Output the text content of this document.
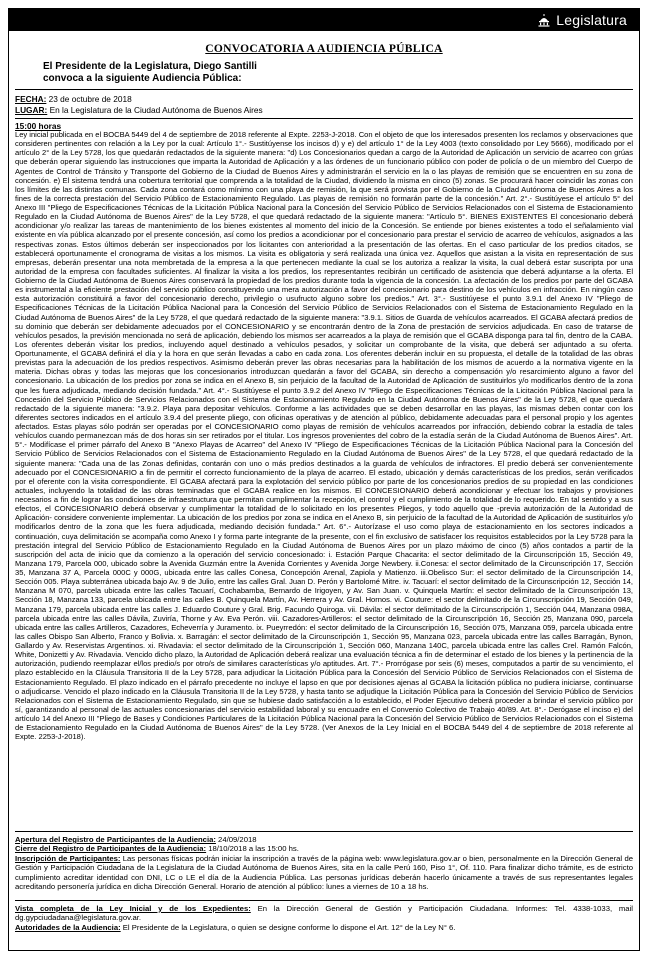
Legislatura
CONVOCATORIA A AUDIENCIA PÚBLICA
El Presidente de la Legislatura, Diego Santilli
convoca a la siguiente Audiencia Pública:
FECHA: 23 de octubre de 2018
LUGAR: En la Legislatura de la Ciudad Autónoma de Buenos Aires
15:00 horas
Ley inicial publicada en el BOCBA 5449 del 4 de septiembre de 2018 referente al Expte. 2253-J-2018. Con el objeto de que los interesados presenten los reclamos y observaciones que consideren pertinentes con relación a la Ley por la cual: Artículo 1°.- Sustitúyense los incisos d) y e) del artículo 1° de la Ley 4003 (texto consolidado por Ley 5666), modificado por el artículo 2° de la Ley 5728, los que quedarán redactados de la siguiente manera: "d) Los Concesionarios quedan a cargo de la Autoridad de Aplicación un servicio de acarreo con grúas que deberán operar siguiendo las instrucciones que imparta la Autoridad de Aplicación y a las órdenes de un funcionario público con poder de policía o de un miembro del Cuerpo de Agentes de Control de Tránsito y Transporte del Gobierno de la Ciudad de Buenos Aires y administrarán el servicio en la o las playas de remisión que se encuentren en su zona de concesión. e) El sistema tendrá una cobertura territorial que comprenda a la totalidad de la Ciudad, dividiendo la misma en cinco (5) zonas. Se procurará hacer coincidir las zonas con los límites de las distintas comunas. Cada zona contará como mínimo con una playa de remisión, la que será provista por el Gobierno de la Ciudad Autónoma de Buenos Aires a los fines de la correcta prestación del Servicio Público de Estacionamiento Regulado. Las playas de remisión no formarán parte de la concesión." Art. 2°.- Sustitúyese el artículo 5° del Anexo III "Pliego de Especificaciones Técnicas de la Licitación Pública Nacional para la Concesión del Servicio Público de Servicios Relacionados con el Sistema de Estacionamiento Regulado en la Ciudad Autónoma de Buenos Aires" de la Ley 5728, el que quedará redactado de la siguiente manera: "Artículo 5°. BIENES EXISTENTES El concesionario deberá acondicionar y/o realizar las tareas de mantenimiento de los bienes existentes al momento del inicio de la Concesión. Se entiende por bienes existentes a todo el señalamiento vial existente en vía pública alcanzado por el presente concesión, así como los predios a acondicionar por el concesionario para prestar el servicio de acarreo de vehículos, asignados a las respectivas zonas. Estos últimos deberán ser inspeccionados por los licitantes con anterioridad a la presentación de las ofertas. En el caso particular de los predios citados, se establecerá oportunamente el cronograma de visitas a los mismos. La visita es obligatoria y será realizada una única vez. Aquellos que asistan a la visita en representación de sus empresas, deberán presentar una nota membretada de la empresa a la que pertenecen mediante la cual se los autoriza a realizar la visita, la cual deberá estar suscripta por una autoridad de la empresa con facultades suficientes. Al finalizar la visita a los predios, los representantes recibirán un certificado de asistencia que deberá adjuntarse a la oferta. El Gobierno de la Ciudad Autónoma de Buenos Aires conservará la propiedad de los predios durante toda la vigencia de la concesión. La afectación de los predios por parte del GCABA es instrumental a la eficiente prestación del servicio público constituyendo una mera autorización a favor del concesionario para destino de los vehículos en infracción. En ningún caso esta autorización constituirá a favor del concesionario derecho, privilegio o usufructo alguno sobre los predios." Art. 3°.- Sustitúyese el punto 3.9.1 del Anexo IV "Pliego de Especificaciones Técnicas de la Licitación Pública Nacional para la Concesión del Servicio Público de Servicios Relacionados con el Sistema de Estacionamiento Regulado en la Ciudad Autónoma de Buenos Aires" de la Ley 5728, el que quedará redactado de la siguiente manera: "3.9.1. Sitios de Guarda de vehículos acarreados. El GCABA afectará predios de su dominio que deberán ser debidamente adecuados por el CONCESIONARIO y se encontrarán dentro de la Zona de prestación de servicios adjudicada. En caso de tratarse de vehículos pesados, la previsión mencionada no será de aplicación, debiendo los mismos ser acarreados a la playa de remisión que el GCABA disponga para tal fin, dentro de la CABA. Los oferentes deberán visitar los predios, incluyendo aquel destinado a vehículos pesados, y solicitar un comprobante de la visita, que deberá ser adjuntado a su oferta. Oportunamente, el GCABA definirá el día y la hora en que serán llevadas a cabo en cada zona. Los oferentes deberán incluir en su propuesta, el detalle de la totalidad de las obras previstas para la adecuación de los predios respectivos. Asimismo deberán prever las obras necesarias para la habilitación de los mismos de acuerdo a la normativa vigente en la materia. Dichas obras y todas las mejoras que los concesionarios introduzcan quedarán a favor del GCABA, sin derecho a compensación y/o resarcimiento alguno a favor del concesionario. La ubicación de los predios por zona se indica en el Anexo B, sin perjuicio de la facultad de la Autoridad de Aplicación de sustituirlos y/o modificarlos dentro de la zona que les fuera adjudicada, mediando decisión fundada." Art. 4°.- Sustitúyese el punto 3.9.2 del Anexo IV "Pliego de Especificaciones Técnicas de la Licitación Pública Nacional para la Concesión del Servicio Público de Servicios Relacionados con el Sistema de Estacionamiento Regulado en la Ciudad Autónoma de Buenos Aires" de la Ley 5728, el que quedará redactado de la siguiente manera: "3.9.2. Playa para depositar vehículos. Conforme a las actividades que se deben desarrollar en las playas, las mismas deben contar con los diferentes sectores indicados en el artículo 3.9.4 del presente pliego, con oficinas operativas y de atención al público, debidamente adecuadas para el personal propio y los agentes afectados. Estas playas sólo podrán ser operadas por el CONCESIONARIO como playas de remisión de vehículos acarreados por infracción, debiendo cobrar la estadía de tales vehículos cuando permanezcan más de dos horas sin ser retirados por el titular. Los ingresos provenientes del cobro de la estadía serán de la Ciudad Autónoma de Buenos Aires". Art. 5°.- Modifícase el primer párrafo del Anexo B "Anexo Playas de Acarreo" del Anexo IV "Pliego de Especificaciones Técnicas de la Licitación Pública Nacional para la Concesión del Servicio Público de Servicios Relacionados con el Sistema de Estacionamiento Regulado en la Ciudad Autónoma de Buenos Aires" de la Ley 5728, el que quedará redactado de la siguiente manera: "Cada una de las Zonas definidas, contarán con uno o más predios destinados a la guarda de vehículos de infractores. El predio deberá ser convenientemente adecuado por el CONCESIONARIO a fin de permitir el correcto funcionamiento de la playa de acarreo. El estado, ubicación y demás características de los predios, serán verificados por el oferente con la visita correspondiente. El GCABA afectará para la explotación del servicio público por parte de los concesionarios predios de su propiedad en las condiciones actuales, incluyendo la totalidad de las obras terminadas que el GCABA realice en los mismos. El CONCESIONARIO deberá acondicionar y efectuar los trabajos y provisiones necesarios a fin de lograr las condiciones de infraestructura que permitan cumplimentar la recepción, el control y el cumplimiento de la totalidad de lo requerido. En tal sentido y a sus efectos, el CONCESIONARIO deberá observar y cumplimentar la totalidad de lo solicitado en los presentes Pliegos, y todo aquello que -previa autorización de la Autoridad de Aplicación- considere conveniente implementar. La ubicación de los predios por zona se indica en el Anexo B, sin perjuicio de la facultad de la Autoridad de Aplicación de sustituirlos y/o modificarlos dentro de la zona que les fuera adjudicada, mediando decisión fundada." Art. 6°.- Autorízase el uso como playa de estacionamiento en los sectores indicados a continuación, cuya delimitación se acompaña como Anexo I y forma parte integrante de la presente, con el fin exclusivo de satisfacer los requisitos establecidos por la Ley 5728 para la prestación integral del Servicio Público de Estacionamiento Regulado en la Ciudad Autónoma de Buenos Aires por un plazo máximo de cinco (5) años contados a partir de la suscripción del acta de inicio que da comienzo a la operación del servicio concesionado: i. Estación Parque Chacarita: el sector delimitado de la Circunscripción 15, Sección 49, Manzana 179, Parcela 000, ubicado sobre la Avenida Guzmán entre la Avenida Corrientes y Avenida Jorge Newbery. ii.Conesa: el sector delimitado de la Circunscripción 17, Sección 35, Manzana 37 A, Parcela 000C y 000G, ubicada entre las calles Conesa, Concepción Arenal, Zapiola y Matienzo. iii.Obelisco Sur: el sector delimitado de la Circunscripción 14, Sección 005. Playa subterránea ubicada bajo Av. 9 de Julio, entre las calles Gral. Juan D. Perón y Bartolomé Mitre. iv. Tacuarí: el sector delimitado de la Circunscripción 12, Sección 14, Manzana M 070, parcela ubicada entre las calles Tacuarí, Cochabamba, Bernardo de Irigoyen, y Av. San Juan. v. Quinquela Martín: el sector delimitado de la Circunscripción 13, Sección 18, Manzana 133, parcela ubicada entre las calles B. Quinquela Martín, Av. Herrera y Av. Gral. Hornos. vi. Couture: el sector delimitado de la Circunscripción 19, Sección 049, Manzana 179, parcela ubicada entre las calles J. Eduardo Couture y Gral. Brig. Facundo Quiroga. vii. Dávila: el sector delimitado de la Circunscripción 1, Sección 044, Manzana 098A, parcela ubicada entre las calles Dávila, Zuviría, Thorne y Av. Eva Perón. viii. Cazadores-Artilleros: el sector delimitado de la Circunscripción 16, Sección 25, Manzana 090, parcela ubicada entre las calles Artilleros, Cazadores, Echeverría y Juramento. ix. Pueyrredón: el sector delimitado de la Circunscripción 16, Sección 075, Manzana 059, parcela ubicada entre las calles Obispo San Alberto, Franco y Bolivia. x. Barragán: el sector delimitado de la Circunscripción 1, Sección 95, Manzana 023, parcela ubicada entre las calles Barragán, Bynon, Gallardo y Av. Reservistas Argentinos. xi. Rivadavia: el sector delimitado de la Circunscripción 1, Sección 060, Manzana 140C, parcela ubicada entre las calles Crel. Ramón Falcón, White, Donizetti y Av. Rivadavia. Vencido dicho plazo, la Autoridad de Aplicación deberá realizar una evaluación técnica a fin de determinar el estado de los bienes y la pertinencia de la autorización, pudiendo reemplazar el/los predio/s por otro/s de similares características y/o aptitudes. Art. 7°.- Prorrógase por seis (6) meses, computados a partir de su vencimiento, el plazo establecido en la Cláusula Transitoria II de la Ley 5728, para adjudicar la Licitación Pública para la Concesión del Servicio Público de Servicios Relacionados con el Sistema de Estacionamiento Regulado. El plazo indicado en el párrafo precedente no incluye el lapso en que por decisiones ajenas al GCABA la licitación pública no pudiera iniciarse, continuarse o adjudicarse. Vencido el plazo indicado en la Cláusula Transitoria II de la Ley 5728, y hasta tanto se adjudique la Licitación Pública para la Concesión del Servicio Público de Servicios Relacionados con el Sistema de Estacionamiento Regulado, sin que se hubiese dado satisfacción a lo establecido, el Poder Ejecutivo deberá proceder a brindar el servicio público por sí, garantizando al personal de las actuales concesionarias del servicio estabilidad laboral y su encuadre en el Convenio Colectivo de Trabajo 40/89. Art. 8°.- Derógase el inciso e) del artículo 14 del Anexo III "Pliego de Bases y Condiciones Particulares de la Licitación Pública Nacional para la Concesión del Servicio Público de Servicios Relacionados con el Sistema de Estacionamiento Regulado en la Ciudad Autónoma de Buenos Aires" de la Ley 5728. (Ver Anexos de la Ley Inicial en el BOCBA 5449 del 4 de septiembre de 2018 referente al Expte. 2253-J-2018).

Apertura del Registro de Participantes de la Audiencia: 24/09/2018

Cierre del Registro de Participantes de la Audiencia: 18/10/2018 a las 15:00 hs.

Inscripción de Participantes: Las personas físicas podrán iniciar la inscripción a través de la página web: www.legislatura.gov.ar o bien, personalmente en la Dirección General de Gestión y Participación Ciudadana de la Legislatura de la Ciudad Autónoma de Buenos Aires, sita en la calle Perú 160, Piso 1°, Of. 110. Para finalizar dicho trámite, es de estricto cumplimiento acreditar identidad con DNI, LC o LE el día de la Audiencia Pública. Las personas jurídicas deberán hacerlo únicamente a través de sus representantes legales acreditando personería jurídica en dicha Dirección General. Horario de atención al público: lunes a viernes de 10 a 18 hs.

Vista completa de la Ley Inicial y de los Expedientes: En la Dirección General de Gestión y Participación Ciudadana. Informes: Tel. 4338-1033, mail dg.gypciudadana@legislatura.gov.ar.

Autoridades de la Audiencia: El Presidente de la Legislatura, o quien se designe conforme lo dispone el Art. 12° de la Ley N° 6.
